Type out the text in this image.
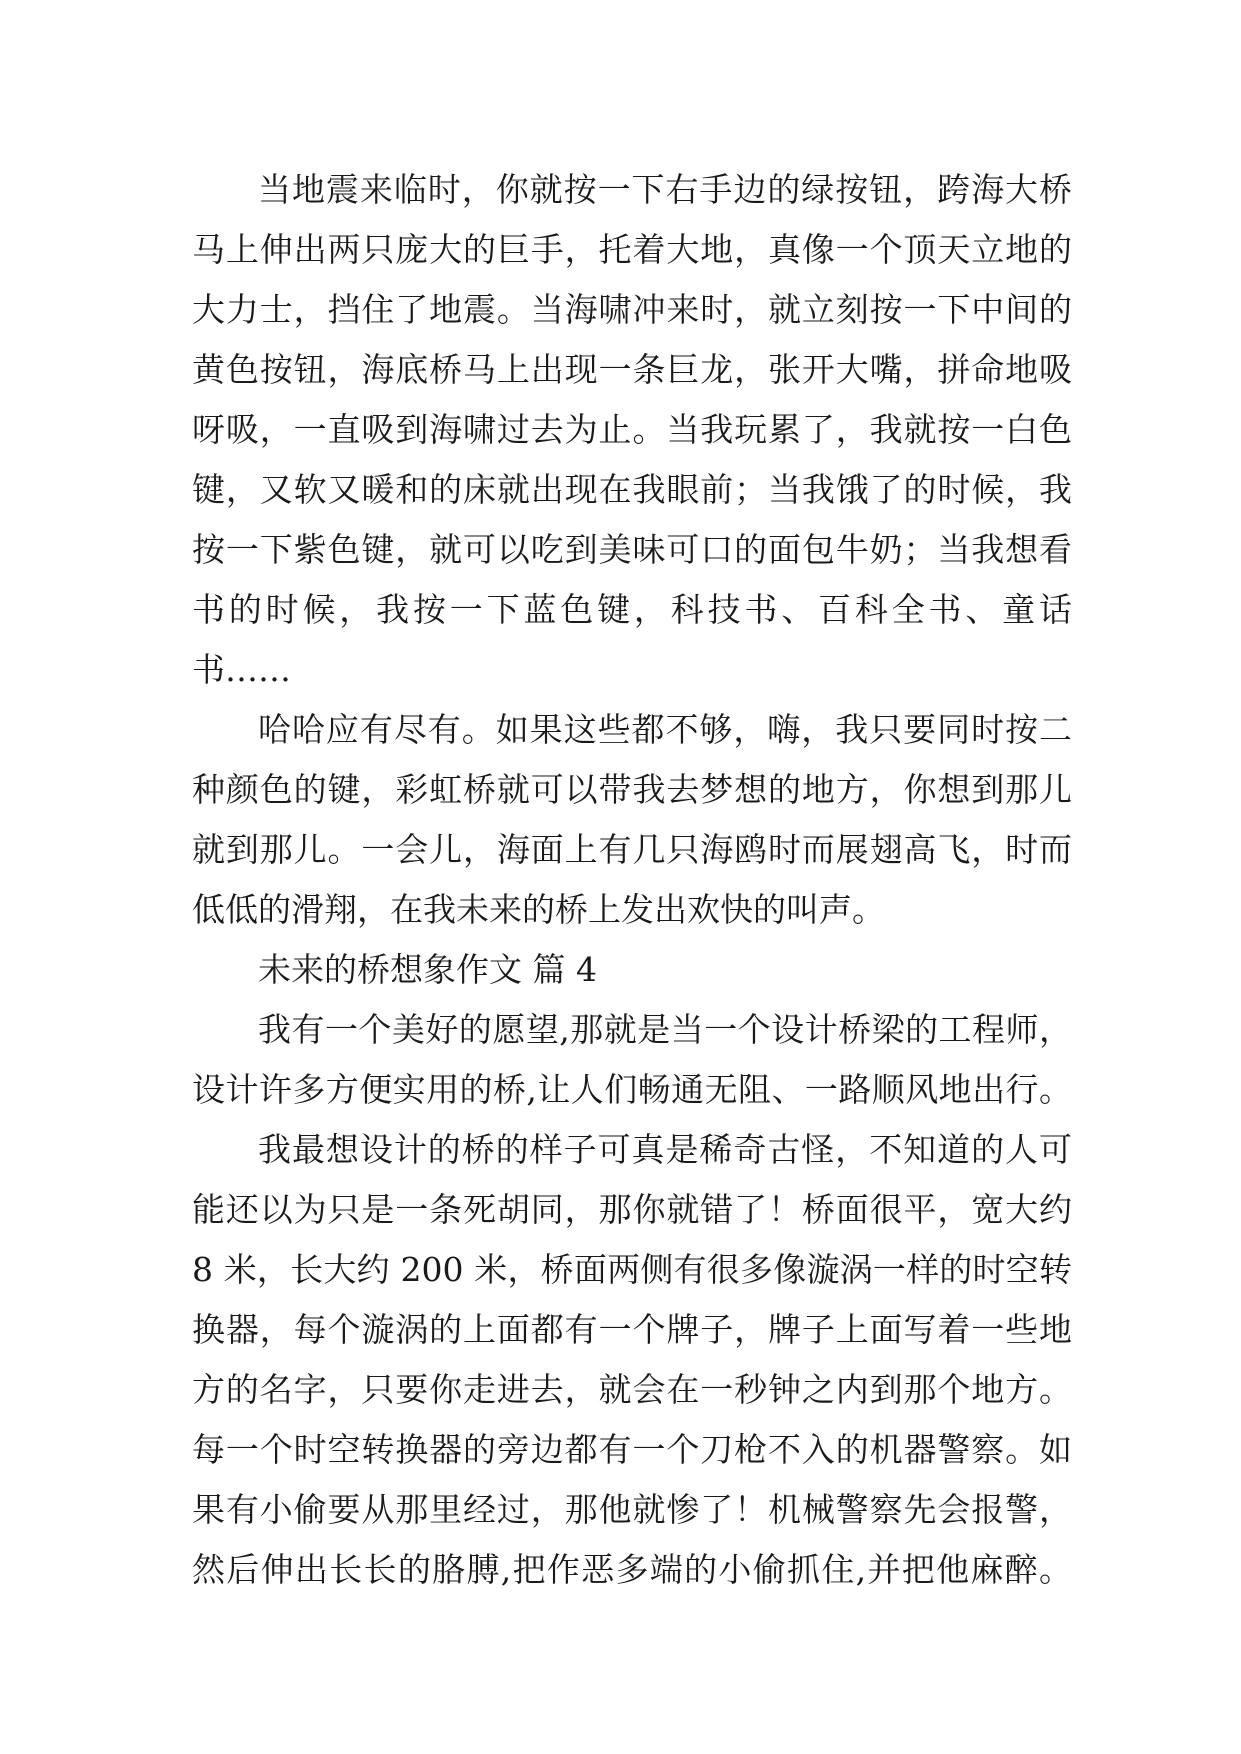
当地震来临时，你就按一下右手边的绿按钮，跨海大桥
马上伸出两只庞大的巨手，托着大地，真像一个顶天立地的
大力士，挡住了地震。当海啸冲来时，就立刻按一下中间的
黄色按钮，海底桥马上出现一条巨龙，张开大嘴，拼命地吸
呀吸，一直吸到海啸过去为止。当我玩累了，我就按一白色
键，又软又暖和的床就出现在我眼前；当我饿了的时候，我
按一下紫色键，就可以吃到美味可口的面包牛奶；当我想看
书的时候，我按一下蓝色键，科技书、百科全书、童话
书……
哈哈应有尽有。如果这些都不够，嗨，我只要同时按二
种颜色的键，彩虹桥就可以带我去梦想的地方，你想到那儿
就到那儿。一会儿，海面上有几只海鸥时而展翅高飞，时而
低低的滑翔，在我未来的桥上发出欢快的叫声。
未来的桥想象作文 篇 4
我有一个美好的愿望,那就是当一个设计桥梁的工程师，
设计许多方便实用的桥,让人们畅通无阻、一路顺风地出行。
我最想设计的桥的样子可真是稀奇古怪，不知道的人可
能还以为只是一条死胡同，那你就错了！桥面很平，宽大约
8 米，长大约 200 米，桥面两侧有很多像漩涡一样的时空转
换器，每个漩涡的上面都有一个牌子，牌子上面写着一些地
方的名字，只要你走进去，就会在一秒钟之内到那个地方。
每一个时空转换器的旁边都有一个刀枪不入的机器警察。如
果有小偷要从那里经过，那他就惨了！机械警察先会报警，
然后伸出长长的胳膊,把作恶多端的小偷抓住,并把他麻醉。
